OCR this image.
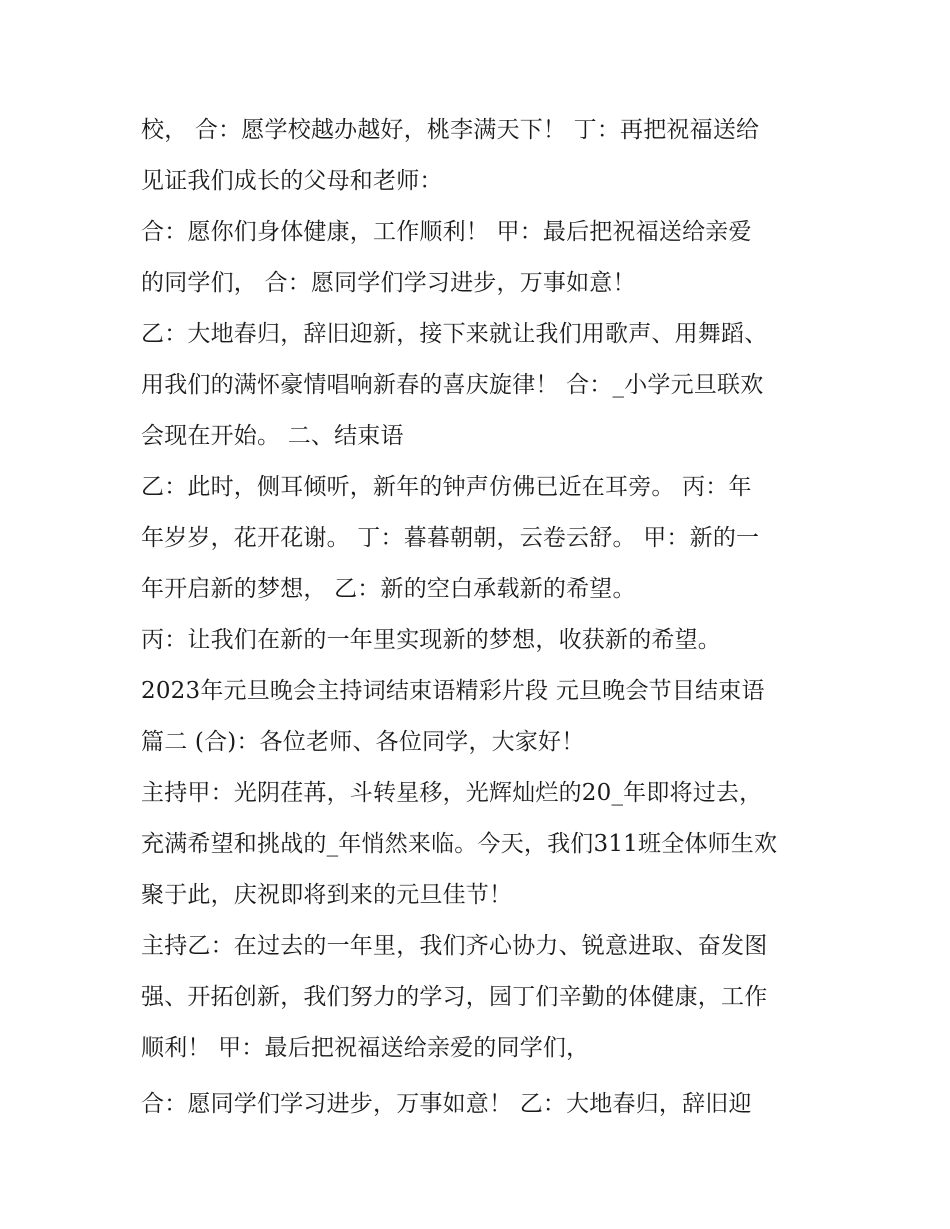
校， 合：愿学校越办越好，桃李满天下！ 丁：再把祝福送给
见证我们成长的父母和老师：
合：愿你们身体健康，工作顺利！ 甲：最后把祝福送给亲爱
的同学们， 合：愿同学们学习进步，万事如意！
乙：大地春归，辞旧迎新，接下来就让我们用歌声、用舞蹈、
用我们的满怀豪情唱响新春的喜庆旋律！ 合：_小学元旦联欢
会现在开始。 二、结束语
乙：此时，侧耳倾听，新年的钟声仿佛已近在耳旁。 丙：年
年岁岁，花开花谢。 丁：暮暮朝朝，云卷云舒。 甲：新的一
年开启新的梦想， 乙：新的空白承载新的希望。
丙：让我们在新的一年里实现新的梦想，收获新的希望。
2023年元旦晚会主持词结束语精彩片段 元旦晚会节目结束语
篇二 (合)：各位老师、各位同学，大家好！
主持甲：光阴荏苒，斗转星移，光辉灿烂的20_年即将过去，
充满希望和挑战的_年悄然来临。今天，我们311班全体师生欢
聚于此，庆祝即将到来的元旦佳节！
主持乙：在过去的一年里，我们齐心协力、锐意进取、奋发图
强、开拓创新，我们努力的学习，园丁们辛勤的体健康，工作
顺利！ 甲：最后把祝福送给亲爱的同学们，
合：愿同学们学习进步，万事如意！ 乙：大地春归，辞旧迎
